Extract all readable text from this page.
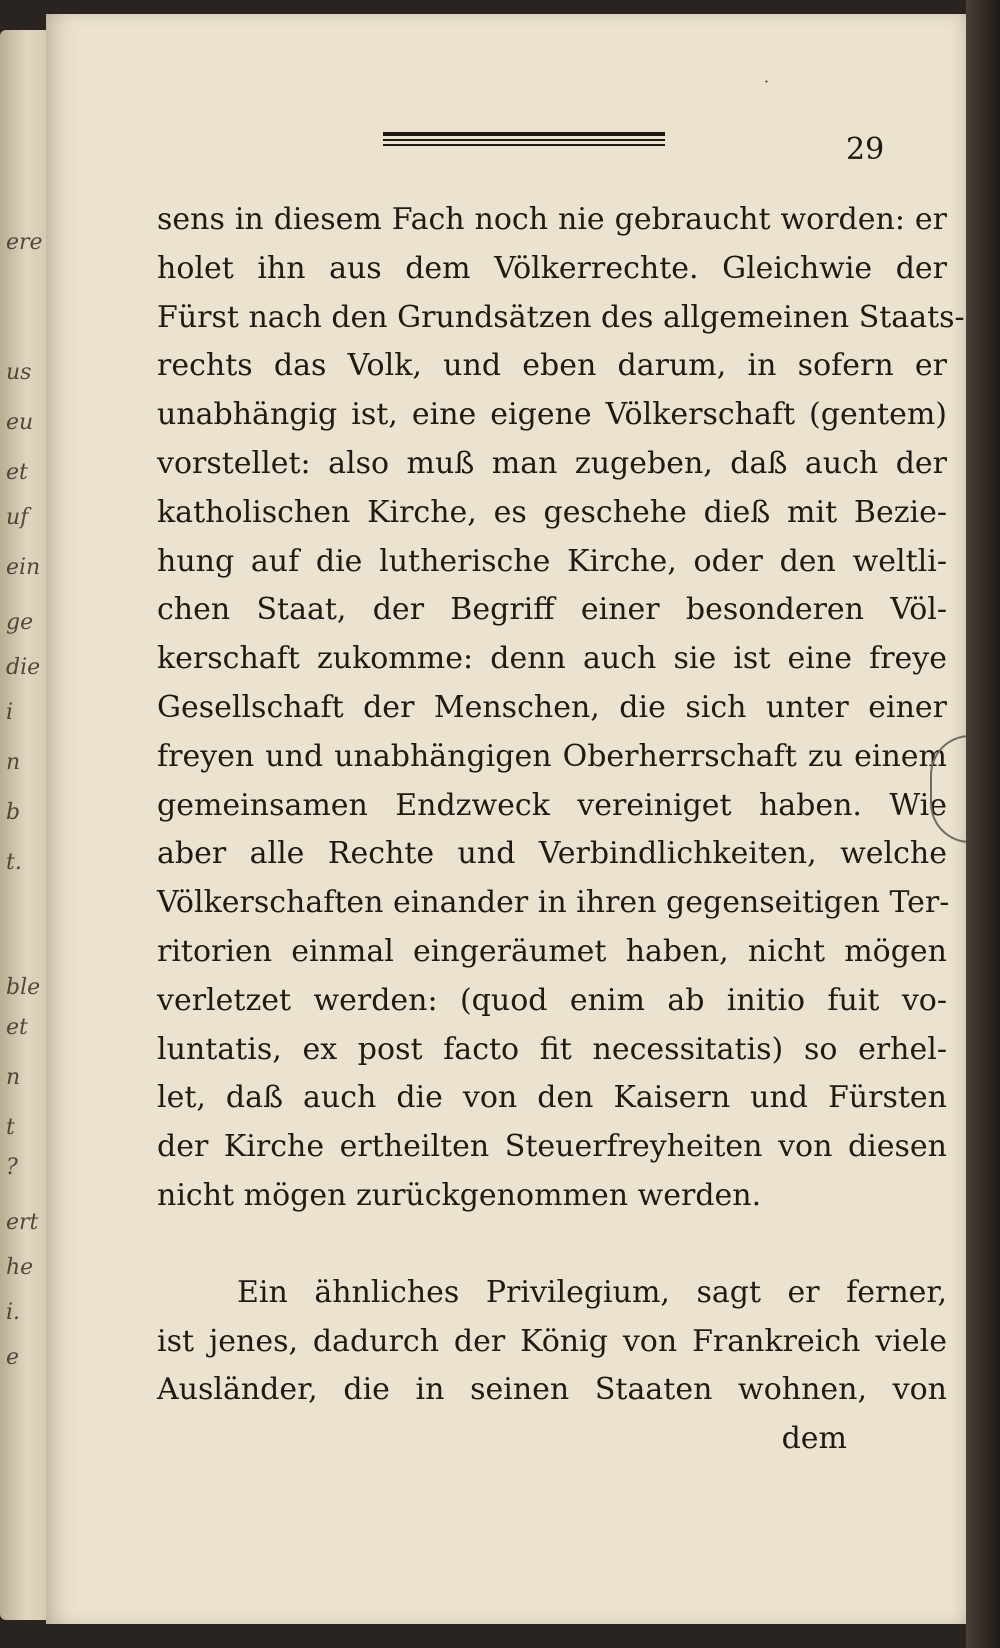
ere
us
eu
et
uf
ein
ge
die
i
n
b
t.
ble
et
n
t
?
ert
he
i.
e
˙
29
sens in diesem Fach noch nie gebraucht worden: er
holet ihn aus dem Völkerrechte. Gleichwie der
Fürst nach den Grundsätzen des allgemeinen Staats-
rechts das Volk, und eben darum, in sofern er
unabhängig ist, eine eigene Völkerschaft (gentem)
vorstellet: also muß man zugeben, daß auch der
katholischen Kirche, es geschehe dieß mit Bezie-
hung auf die lutherische Kirche, oder den weltli-
chen Staat, der Begriff einer besonderen Völ-
kerschaft zukomme: denn auch sie ist eine freye
Gesellschaft der Menschen, die sich unter einer
freyen und unabhängigen Oberherrschaft zu einem
gemeinsamen Endzweck vereiniget haben. Wie
aber alle Rechte und Verbindlichkeiten, welche
Völkerschaften einander in ihren gegenseitigen Ter-
ritorien einmal eingeräumet haben, nicht mögen
verletzet werden: (quod enim ab initio fuit vo-
luntatis, ex post facto fit necessitatis) so erhel-
let, daß auch die von den Kaisern und Fürsten
der Kirche ertheilten Steuerfreyheiten von diesen
nicht mögen zurückgenommen werden.
Ein ähnliches Privilegium, sagt er ferner,
ist jenes, dadurch der König von Frankreich viele
Ausländer, die in seinen Staaten wohnen, von
dem
